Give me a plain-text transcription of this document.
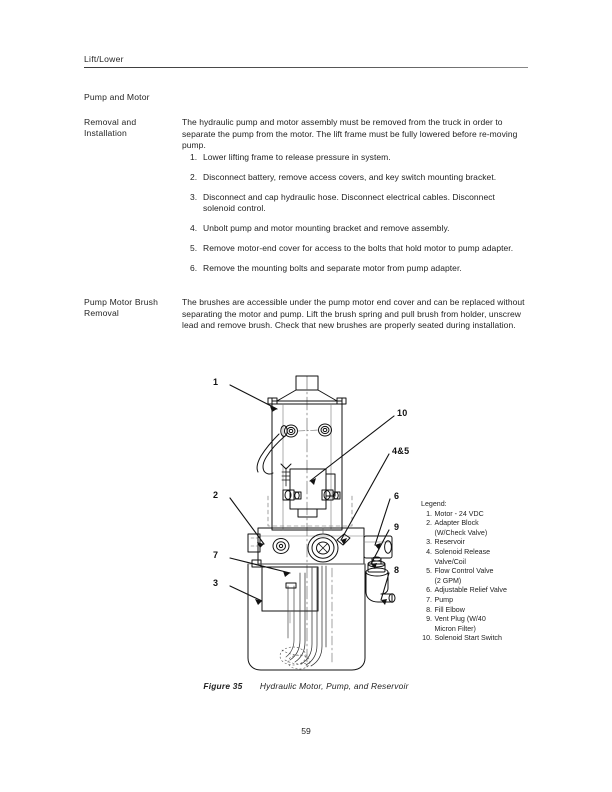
Lift/Lower
Pump and Motor
Removal and
Installation
The hydraulic pump and motor assembly must be removed from the truck in order to separate the pump from the motor. The lift frame must be fully lowered before re-moving pump.
1. Lower lifting frame to release pressure in system.
2. Disconnect battery, remove access covers, and key switch mounting bracket.
3. Disconnect and cap hydraulic hose. Disconnect electrical cables. Disconnect solenoid control.
4. Unbolt pump and motor mounting bracket and remove assembly.
5. Remove motor-end cover for access to the bolts that hold motor to pump adapter.
6. Remove the mounting bolts and separate motor from pump adapter.
Pump Motor Brush
Removal
The brushes are accessible under the pump motor end cover and can be replaced without separating the motor and pump. Lift the brush spring and pull brush from holder, unscrew lead and remove brush. Check that new brushes are properly seated during installation.
1
2
3
7
10
4&5
6
9
8
Legend:
1. Motor - 24 VDC
2. Adapter Block
(W/Check Valve)
3. Reservoir
4. Solenoid Release
Valve/Coil
5. Flow Control Valve
(2 GPM)
6. Adjustable Relief Valve
7. Pump
8. Fill Elbow
9. Vent Plug (W/40
Micron Filter)
10. Solenoid Start Switch
Figure 35 Hydraulic Motor, Pump, and Reservoir
59
